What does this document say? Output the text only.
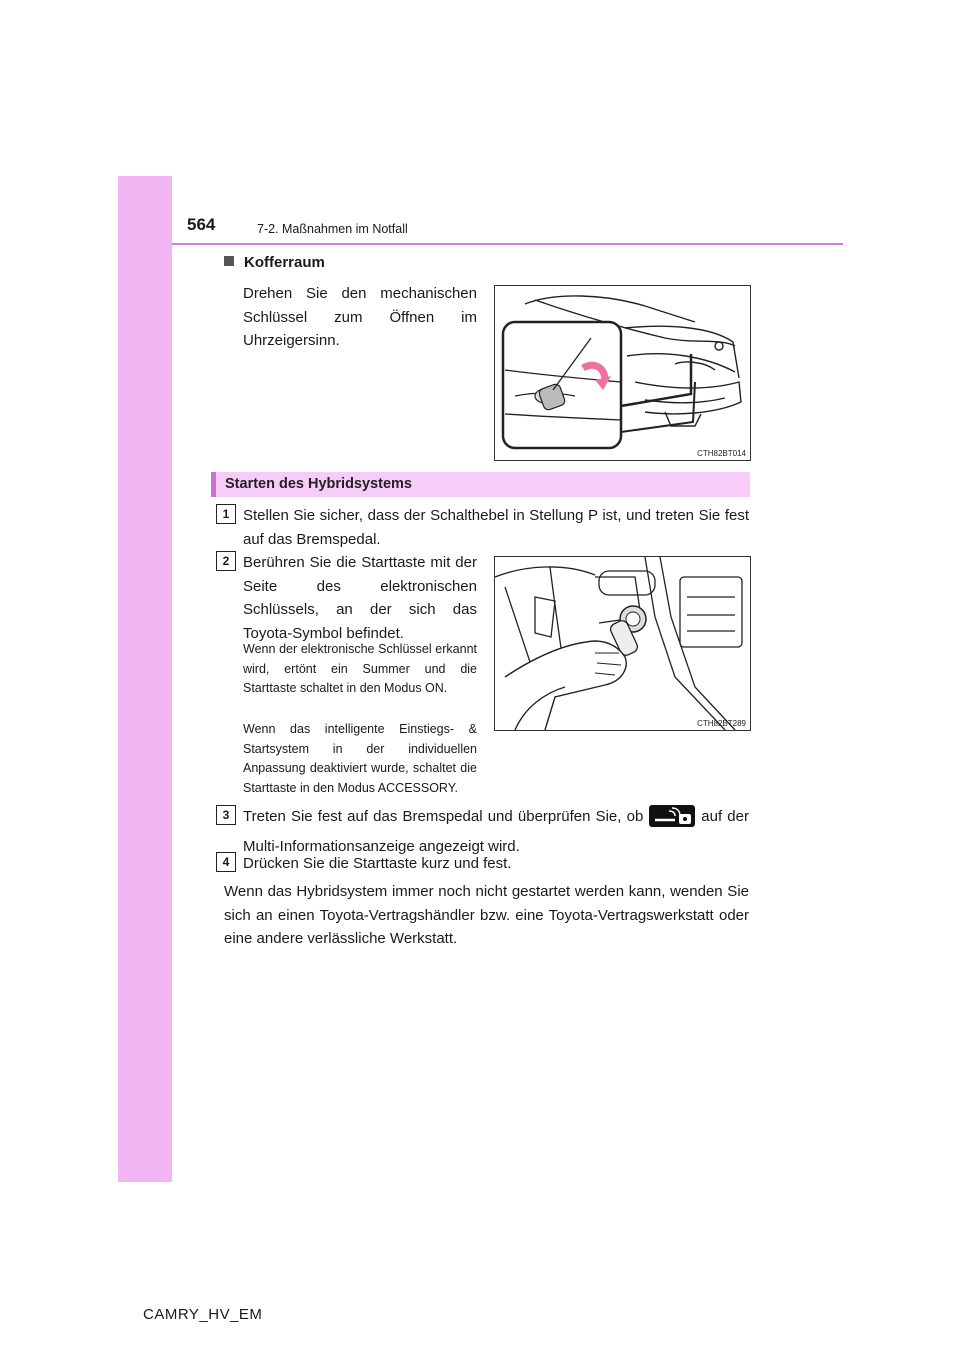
564	7-2. Maßnahmen im Notfall
Kofferraum
Drehen Sie den mechanischen Schlüssel zum Öffnen im Uhrzeigersinn.
CTH82BT014
Starten des Hybridsystems
1 Stellen Sie sicher, dass der Schalthebel in Stellung P ist, und treten Sie fest auf das Bremspedal.
2 Berühren Sie die Starttaste mit der Seite des elektronischen Schlüssels, an der sich das Toyota-Symbol befindet.
Wenn der elektronische Schlüssel erkannt wird, ertönt ein Summer und die Starttaste schaltet in den Modus ON.
Wenn das intelligente Einstiegs- & Startsystem in der individuellen Anpassung deaktiviert wurde, schaltet die Starttaste in den Modus ACCESSORY.
CTH82BT289
3 Treten Sie fest auf das Bremspedal und überprüfen Sie, ob	auf der Multi-Informationsanzeige angezeigt wird.
4 Drücken Sie die Starttaste kurz und fest.
Wenn das Hybridsystem immer noch nicht gestartet werden kann, wenden Sie sich an einen Toyota-Vertragshändler bzw. eine Toyota-Vertragswerkstatt oder eine andere verlässliche Werkstatt.
CAMRY_HV_EM
